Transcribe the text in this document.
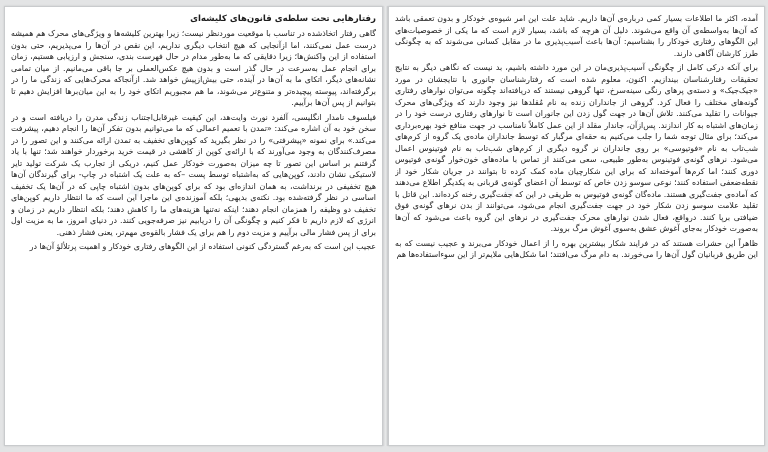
✦
رفتارهایی تحت سلطه‌ی قانون‌های کلیشه‌ای

گاهی رفتار اتخاذشده در تناسب با موقعیت موردنظر نیست؛ زیرا بهترین کلیشه‌ها و ویژگی‌های محرک هم همیشه درست عمل نمی‌کنند، اما ازآنجایی که هیچ انتخاب دیگری نداریم، این نقص در آن‌ها را می‌پذیریم، حتی بدون استفاده از این واکنش‌ها؛ زیرا دقایقی که ما به‌طور مدام در حال فهرست بندی، سنجش و ارزیابی هستیم، زمان برای انجام عمل به‌سرعت در حال گذر است و بدون هیچ عکس‌العملی بر جا باقی می‌مانیم. از میان تمامی نشانه‌های دیگر، اتکای ما به آن‌ها در آینده، حتی بیش‌ازپیش خواهد شد. ازآنجاکه محرک‌هایی که زندگی ما را در برگرفته‌اند، پیوسته پیچیده‌تر و متنوع‌تر می‌شوند، ما هم مجبوریم اتکای خود را به این میان‌برها افزایش دهیم تا بتوانیم از پس آن‌ها برآییم.

فیلسوف نامدار انگلیسی، آلفرد نورث وایت‌هد، این کیفیت غیرقابل‌اجتناب زندگی مدرن را دریافته است و در سخن خود به آن اشاره می‌کند: «تمدن با تعمیم اعمالی که ما می‌توانیم بدون تفکر آن‌ها را انجام دهیم، پیشرفت می‌کند.» برای نمونه «پیشرفتی» را در نظر بگیرید که کوپن‌های تخفیف به تمدن ارائه می‌کنند و این تصور را در مصرف‌کنندگان به وجود می‌آورند که با ارائه‌ی کوپن از کاهشی در قیمت خرید برخوردار خواهند شد؛ تنها با یاد گرفتنم بر اساس این تصور تا چه میزان به‌صورت خودکار عمل کنیم، دریکی از تجارب یک شرکت تولید تایر لاستیکی نشان دادند، کوپن‌هایی که به‌اشتباه توسط پست –که به علت یک اشتباه در چاپ- برای گیرندگان آن‌ها هیچ تخفیفی در برنداشت، به همان اندازه‌ای بود که برای کوپن‌های بدون اشتباه چاپی که در آن‌ها یک تخفیف اساسی در نظر گرفته‌شده بود. نکته‌ی بدیهی؛ بلکه آموزنده‌ی این ماجرا این است که ما انتظار داریم کوپن‌های تخفیف دو وظیفه را همزمان انجام دهند؛ اینکه نه‌تنها هزینه‌های ما را کاهش دهند؛ بلکه انتظار داریم در زمان و انرژی که لازم داریم تا فکر کنیم و چگونگی آن را دریابیم نیز صرفه‌جویی کنند. در دنیای امروز، ما به مزیت اول برای از پس فشار مالی برآییم و مزیت دوم را هم برای یک فشار بالقوه‌ی مهم‌تر، یعنی فشار ذهنی.

عجیب این است که به‌رغم گستردگی کنونی استفاده از این الگوهای رفتاری خودکار و اهمیت پرتلألؤ آن‌ها در

✦

آمده، اکثر ما اطلاعات بسیار کمی درباره‌ی آن‌ها داریم. شاید علت این امر شیوه‌ی خودکار و بدون تعمقی باشد که آن‌ها به‌واسطه‌ی آن واقع می‌شوند. دلیل آن هرچه که باشد، بسیار لازم است که ما یکی از خصوصیات‌های این الگوهای رفتاری خودکار را بشناسیم: آن‌ها باعث آسیب‌پذیری ما در مقابل کسانی می‌شوند که به چگونگی طرز کارشان آگاهی دارند.

برای آنکه درکی کامل از چگونگی آسیب‌پذیری‌مان در این مورد داشته باشیم، بد نیست که نگاهی دیگر به نتایج تحقیقات رفتارشناسان بیندازیم. اکنون، معلوم شده است که رفتارشناسان جانوری با نتایجشان در مورد «جیک‌جیک» و دسته‌ی پرهای رنگی سینه‌سرخ، تنها گروهی نیستند که دریافته‌اند چگونه می‌توان نوارهای رفتاری گونه‌های مختلف را فعال کرد. گروهی از جانداران زنده به نام مُقلدها نیز وجود دارند که ویژگی‌های محرک جیوانات را تقلید می‌کنند. تلاش آن‌ها در جهت گول زدن این جانوران است تا نوارهای رفتاری درست خود را در زمان‌های اشتباه به کار اندازند. پس‌ازآن، جاندار مقلد از این عمل کاملاً نامناسب در جهت منافع خود بهره‌برداری می‌کند؛ برای مثال توجه شما را جلب می‌کنیم به حقه‌ای مرگبار که توسط جانداران ماده‌ی یک گروه از کرم‌های شب‌تاب به نام «فوتیوسی» بر روی جانداران نر گروه دیگری از کرم‌های شب‌تاب به نام فوتینوس اعمال می‌شود. نرهای گونه‌ی فوتینوس به‌طور طبیعی، سعی می‌کنند از تماس با ماده‌های خون‌خوار گونه‌ی فوتیوس دوری کنند؛ اما کرم‌ها آموخته‌اند که برای این شکارچیان ماده کمک کرده تا بتوانند در جریان شکار خود از نقطه‌ضعفی استفاده کنند؛ نوعی سوسو زدن خاص که توسط آن اعضای گونه‌ی قربانی به یکدیگر اطلاع می‌دهند که آماده‌ی جفت‌گیری هستند. ماده‌گان گونه‌ی فوتیوس به طریقی در این که جفت‌گیری رخنه کرده‌اند. این قاتل با تقلید علامت سوسو زدن شکار خود در جهت جفت‌گیری انجام می‌شود، می‌توانند از بدن نرهای گونه‌ی فوق ضیافتی برپا کنند. درواقع، فعال شدن نوارهای محرک جفت‌گیری در نرهای این گروه باعث می‌شود که آن‌ها به‌صورت خودکار به‌جای آغوش عشق به‌سوی آغوش مرگ بروند.

ظاهراً این حشرات هستند که در فرایند شکار بیشترین بهره را از اعمال خودکار می‌برند و عجیب نیست که به این طریق قربانیان گول آن‌ها را می‌خورند. به دام مرگ می‌افتند؛ اما شکل‌هایی ملایم‌تر از این سوءاستفاده‌ها هم
